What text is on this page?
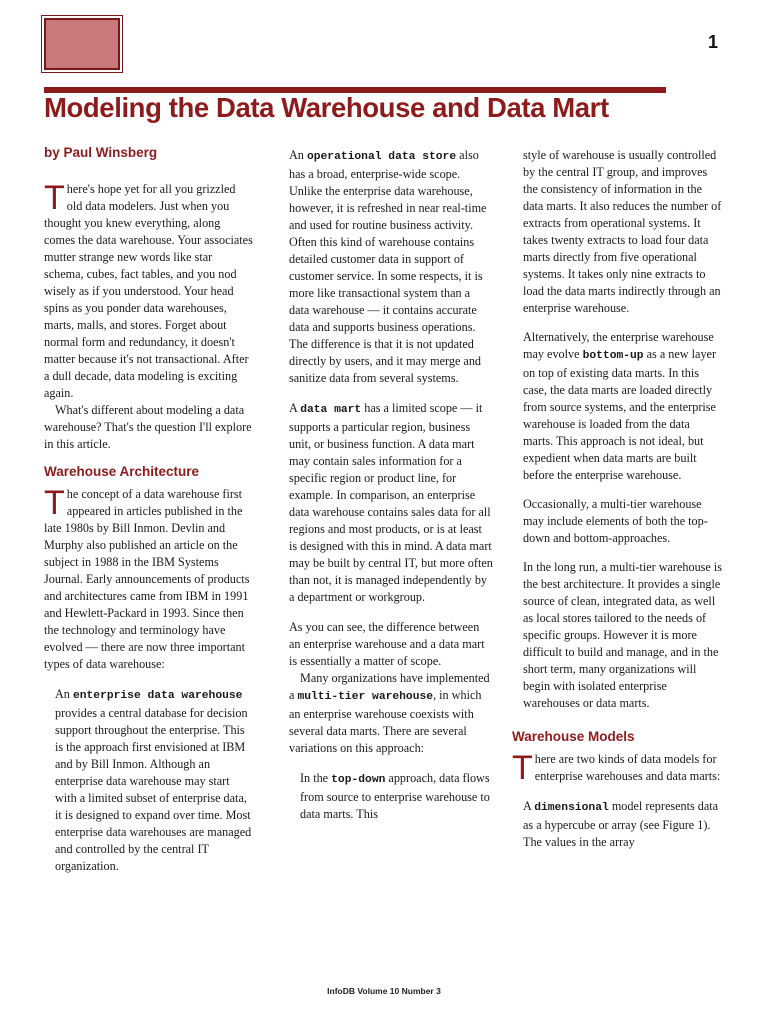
1
Modeling the Data Warehouse and Data Mart
by Paul Winsberg

There's hope yet for all you grizzled old data modelers. Just when you thought you knew everything, along comes the data warehouse. Your associates mutter strange new words like star schema, cubes, fact tables, and you nod wisely as if you understood. Your head spins as you ponder data warehouses, marts, malls, and stores. Forget about normal form and redundancy, it doesn't matter because it's not transactional. After a dull decade, data modeling is exciting again.

What's different about modeling a data warehouse? That's the question I'll explore in this article.

Warehouse Architecture

The concept of a data warehouse first appeared in articles published in the late 1980s by Bill Inmon. Devlin and Murphy also published an article on the subject in 1988 in the IBM Systems Journal. Early announcements of products and architectures came from IBM in 1991 and Hewlett-Packard in 1993. Since then the technology and terminology have evolved — there are now three important types of data warehouse:

An enterprise data warehouse provides a central database for decision support throughout the enterprise. This is the approach first envisioned at IBM and by Bill Inmon. Although an enterprise data warehouse may start with a limited subset of enterprise data, it is designed to expand over time. Most enterprise data warehouses are managed and controlled by the central IT organization.

An operational data store also has a broad, enterprise-wide scope. Unlike the enterprise data warehouse, however, it is refreshed in near real-time and used for routine business activity. Often this kind of warehouse contains detailed customer data in support of customer service. In some respects, it is more like transactional system than a data warehouse — it contains accurate data and supports business operations. The difference is that it is not updated directly by users, and it may merge and sanitize data from several systems.

A data mart has a limited scope — it supports a particular region, business unit, or business function. A data mart may contain sales information for a specific region or product line, for example. In comparison, an enterprise data warehouse contains sales data for all regions and most products, or is at least is designed with this in mind. A data mart may be built by central IT, but more often than not, it is managed independently by a department or workgroup.

As you can see, the difference between an enterprise warehouse and a data mart is essentially a matter of scope.

Many organizations have implemented a multi-tier warehouse, in which an enterprise warehouse coexists with several data marts. There are several variations on this approach:

In the top-down approach, data flows from source to enterprise warehouse to data marts. This

style of warehouse is usually controlled by the central IT group, and improves the consistency of information in the data marts. It also reduces the number of extracts from operational systems. It takes twenty extracts to load four data marts directly from five operational systems. It takes only nine extracts to load the data marts indirectly through an enterprise warehouse.

Alternatively, the enterprise warehouse may evolve bottom-up as a new layer on top of existing data marts. In this case, the data marts are loaded directly from source systems, and the enterprise warehouse is loaded from the data marts. This approach is not ideal, but expedient when data marts are built before the enterprise warehouse.

Occasionally, a multi-tier warehouse may include elements of both the top-down and bottom-approaches.

In the long run, a multi-tier warehouse is the best architecture. It provides a single source of clean, integrated data, as well as local stores tailored to the needs of specific groups. However it is more difficult to build and manage, and in the short term, many organizations will begin with isolated enterprise warehouses or data marts.

Warehouse Models

There are two kinds of data models for enterprise warehouses and data marts:

A dimensional model represents data as a hypercube or array (see Figure 1). The values in the array

InfoDB Volume 10 Number 3
